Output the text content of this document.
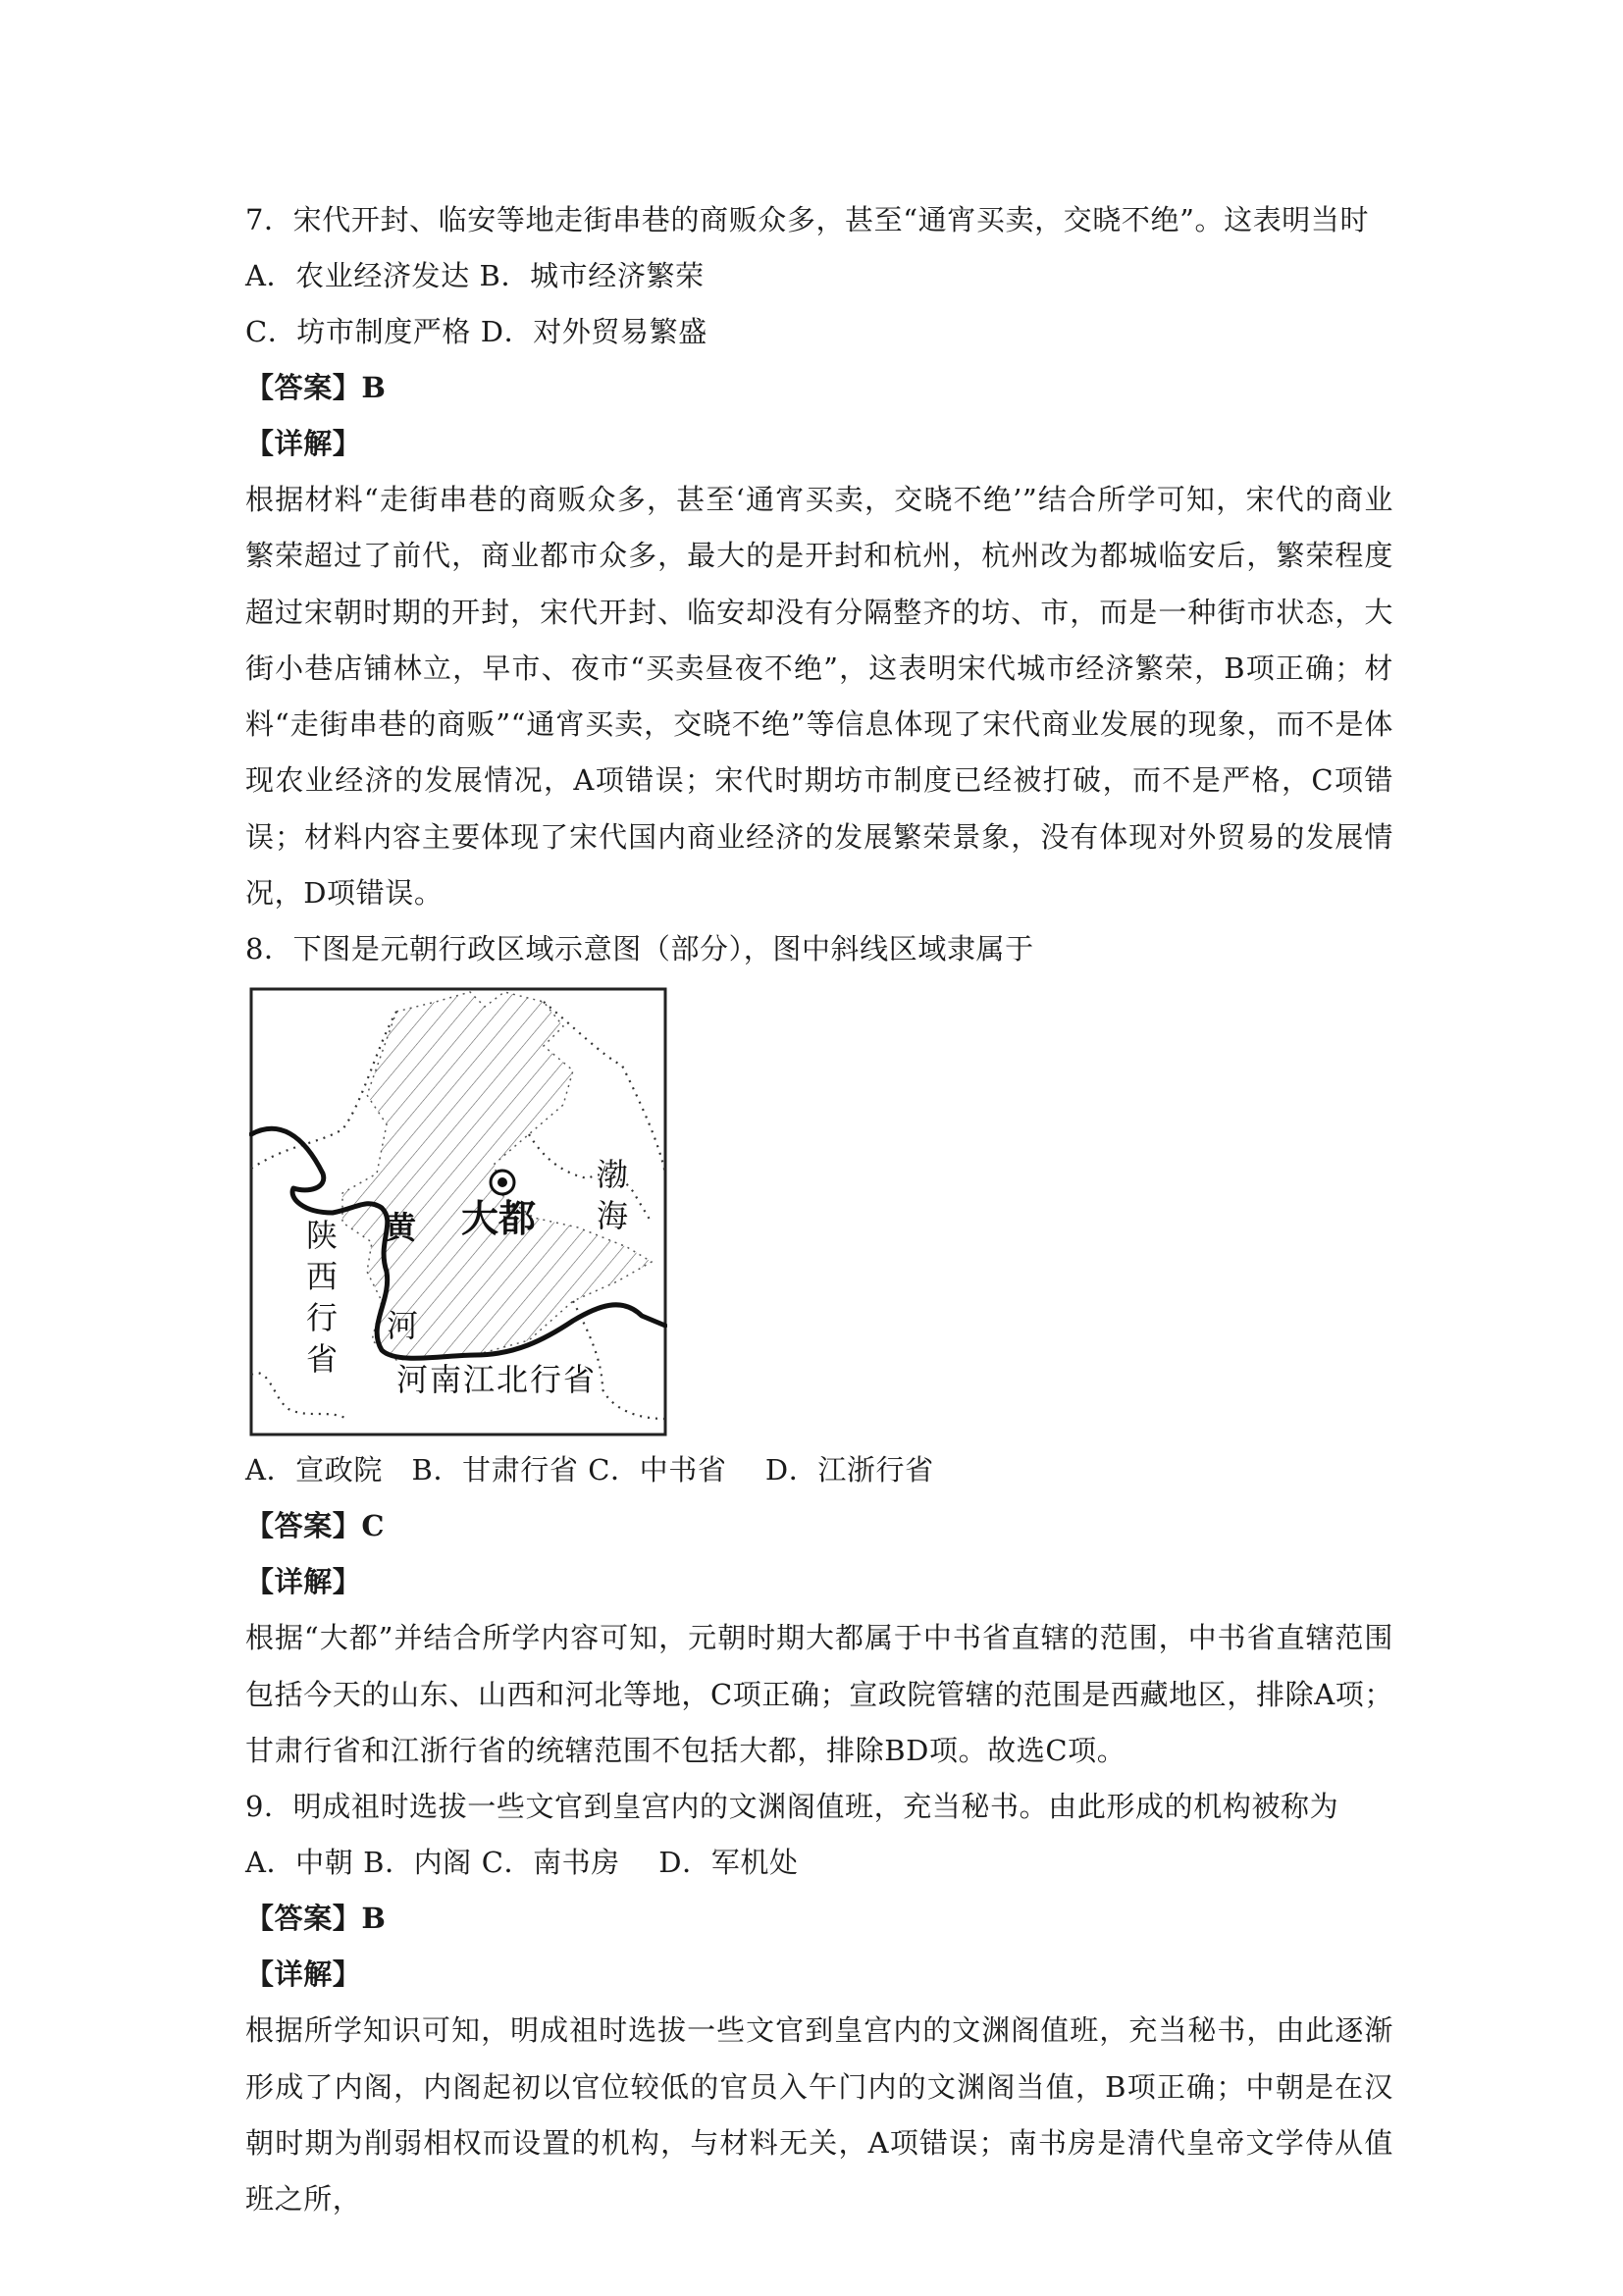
7．宋代开封、临安等地走街串巷的商贩众多，甚至“通宵买卖，交晓不绝”。这表明当时
A．农业经济发达 B．城市经济繁荣
C．坊市制度严格 D．对外贸易繁盛
【答案】B
【详解】
根据材料“走街串巷的商贩众多，甚至‘通宵买卖，交晓不绝’”结合所学可知，宋代的商业繁荣超过了前代，商业都市众多，最大的是开封和杭州，杭州改为都城临安后，繁荣程度超过宋朝时期的开封，宋代开封、临安却没有分隔整齐的坊、市，而是一种街市状态，大街小巷店铺林立，早市、夜市“买卖昼夜不绝”，这表明宋代城市经济繁荣，B项正确；材料“走街串巷的商贩”“通宵买卖，交晓不绝”等信息体现了宋代商业发展的现象，而不是体现农业经济的发展情况，A项错误；宋代时期坊市制度已经被打破，而不是严格，C项错误；材料内容主要体现了宋代国内商业经济的发展繁荣景象，没有体现对外贸易的发展情况，D项错误。
8．下图是元朝行政区域示意图（部分），图中斜线区域隶属于
大都
渤海
黄
河
陕西行省
河南江北行省
A．宣政院　B．甘肃行省 C．中书省　 D．江浙行省
【答案】C
【详解】
根据“大都”并结合所学内容可知，元朝时期大都属于中书省直辖的范围，中书省直辖范围包括今天的山东、山西和河北等地，C项正确；宣政院管辖的范围是西藏地区，排除A项；甘肃行省和江浙行省的统辖范围不包括大都，排除BD项。故选C项。
9．明成祖时选拔一些文官到皇宫内的文渊阁值班，充当秘书。由此形成的机构被称为
A．中朝 B．内阁 C．南书房　 D．军机处
【答案】B
【详解】
根据所学知识可知，明成祖时选拔一些文官到皇宫内的文渊阁值班，充当秘书，由此逐渐形成了内阁，内阁起初以官位较低的官员入午门内的文渊阁当值，B项正确；中朝是在汉朝时期为削弱相权而设置的机构，与材料无关，A项错误；南书房是清代皇帝文学侍从值班之所，
